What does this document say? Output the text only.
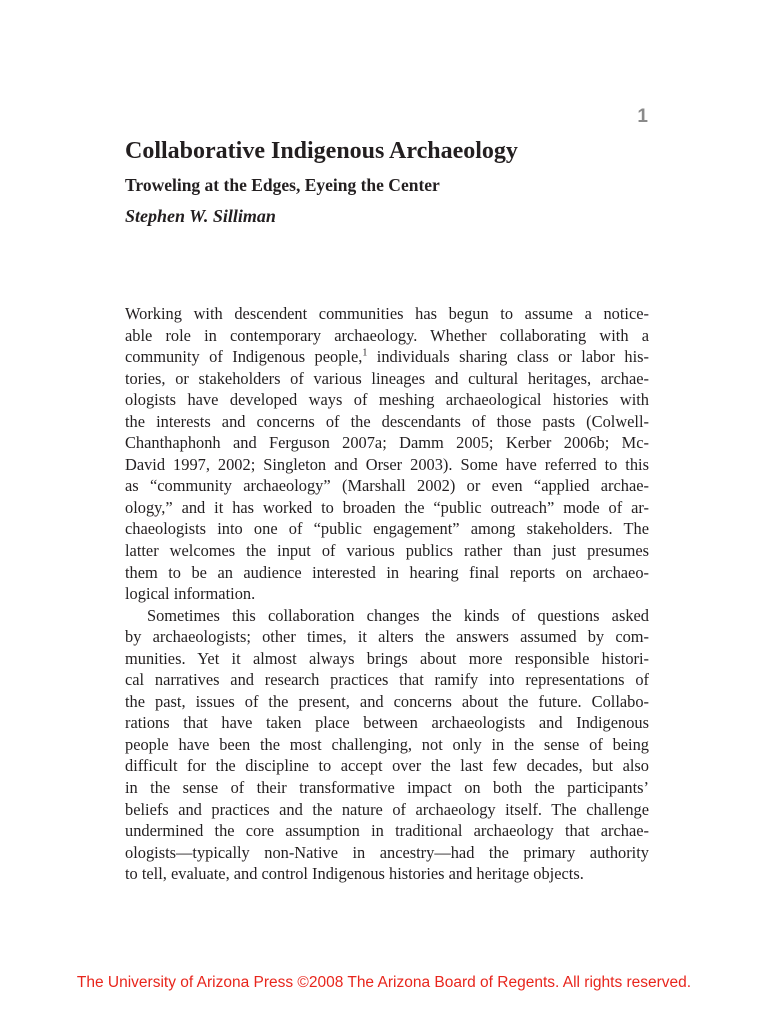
1
Collaborative Indigenous Archaeology
Troweling at the Edges, Eyeing the Center
Stephen W. Silliman
Working with descendent communities has begun to assume a notice-
able role in contemporary archaeology. Whether collaborating with a
community of Indigenous people,$^1$ individuals sharing class or labor his-
tories, or stakeholders of various lineages and cultural heritages, archae-
ologists have developed ways of meshing archaeological histories with
the interests and concerns of the descendants of those pasts (Colwell-
Chanthaphonh and Ferguson 2007a; Damm 2005; Kerber 2006b; Mc-
David 1997, 2002; Singleton and Orser 2003). Some have referred to this
as “community archaeology” (Marshall 2002) or even “applied archae-
ology,” and it has worked to broaden the “public outreach” mode of ar-
chaeologists into one of “public engagement” among stakeholders. The
latter welcomes the input of various publics rather than just presumes
them to be an audience interested in hearing final reports on archaeo-
logical information.
Sometimes this collaboration changes the kinds of questions asked
by archaeologists; other times, it alters the answers assumed by com-
munities. Yet it almost always brings about more responsible histori-
cal narratives and research practices that ramify into representations of
the past, issues of the present, and concerns about the future. Collabo-
rations that have taken place between archaeologists and Indigenous
people have been the most challenging, not only in the sense of being
difficult for the discipline to accept over the last few decades, but also
in the sense of their transformative impact on both the participants’
beliefs and practices and the nature of archaeology itself. The challenge
undermined the core assumption in traditional archaeology that archae-
ologists—typically non-Native in ancestry—had the primary authority
to tell, evaluate, and control Indigenous histories and heritage objects.
The University of Arizona Press ©2008 The Arizona Board of Regents. All rights reserved.
